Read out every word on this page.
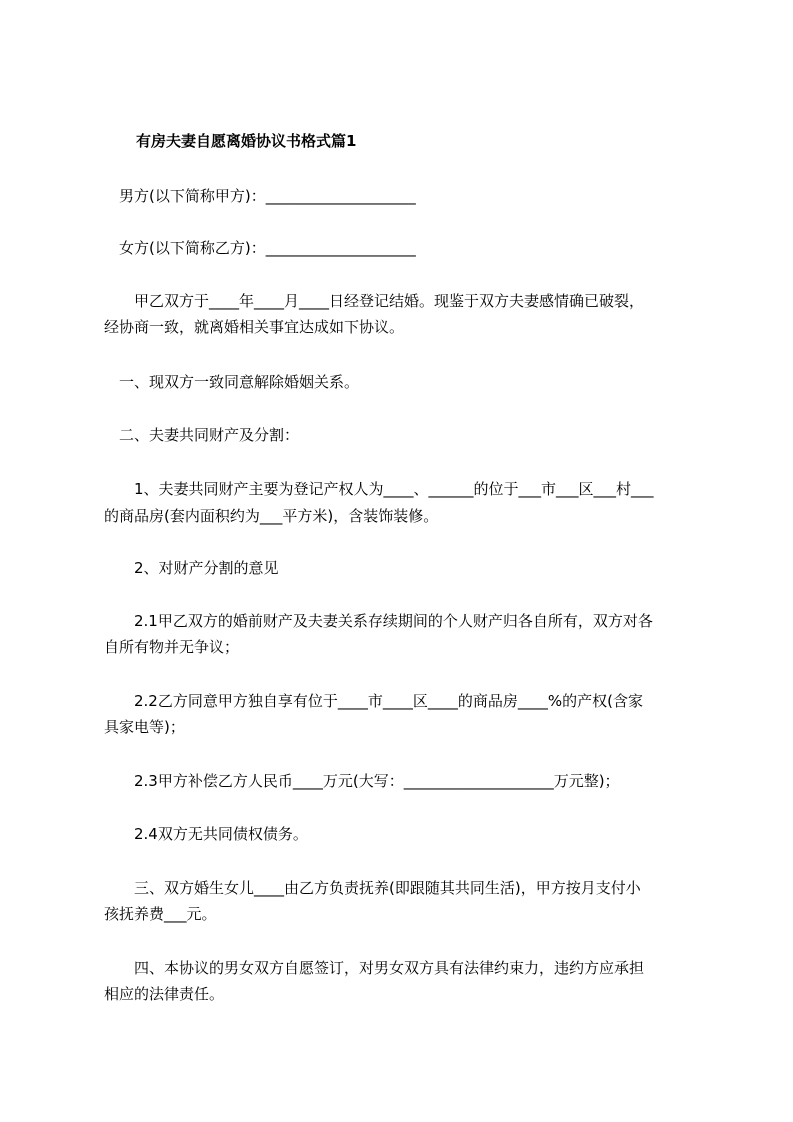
有房夫妻自愿离婚协议书格式篇1
　男方(以下简称甲方)：____________________
　女方(以下简称乙方)：____________________
　　甲乙双方于____年____月____日经登记结婚。现鉴于双方夫妻感情确已破裂，
经协商一致，就离婚相关事宜达成如下协议。
　一、现双方一致同意解除婚姻关系。
　二、夫妻共同财产及分割：
　　1、夫妻共同财产主要为登记产权人为____、______的位于___市___区___村___
的商品房(套内面积约为___平方米)，含装饰装修。
　　2、对财产分割的意见
　　2.1甲乙双方的婚前财产及夫妻关系存续期间的个人财产归各自所有，双方对各
自所有物并无争议；
　　2.2乙方同意甲方独自享有位于____市____区____的商品房____%的产权(含家
具家电等)；
　　2.3甲方补偿乙方人民币____万元(大写：____________________万元整)；
　　2.4双方无共同债权债务。
　　三、双方婚生女儿____由乙方负责抚养(即跟随其共同生活)，甲方按月支付小
孩抚养费___元。
　　四、本协议的男女双方自愿签订，对男女双方具有法律约束力，违约方应承担
相应的法律责任。
